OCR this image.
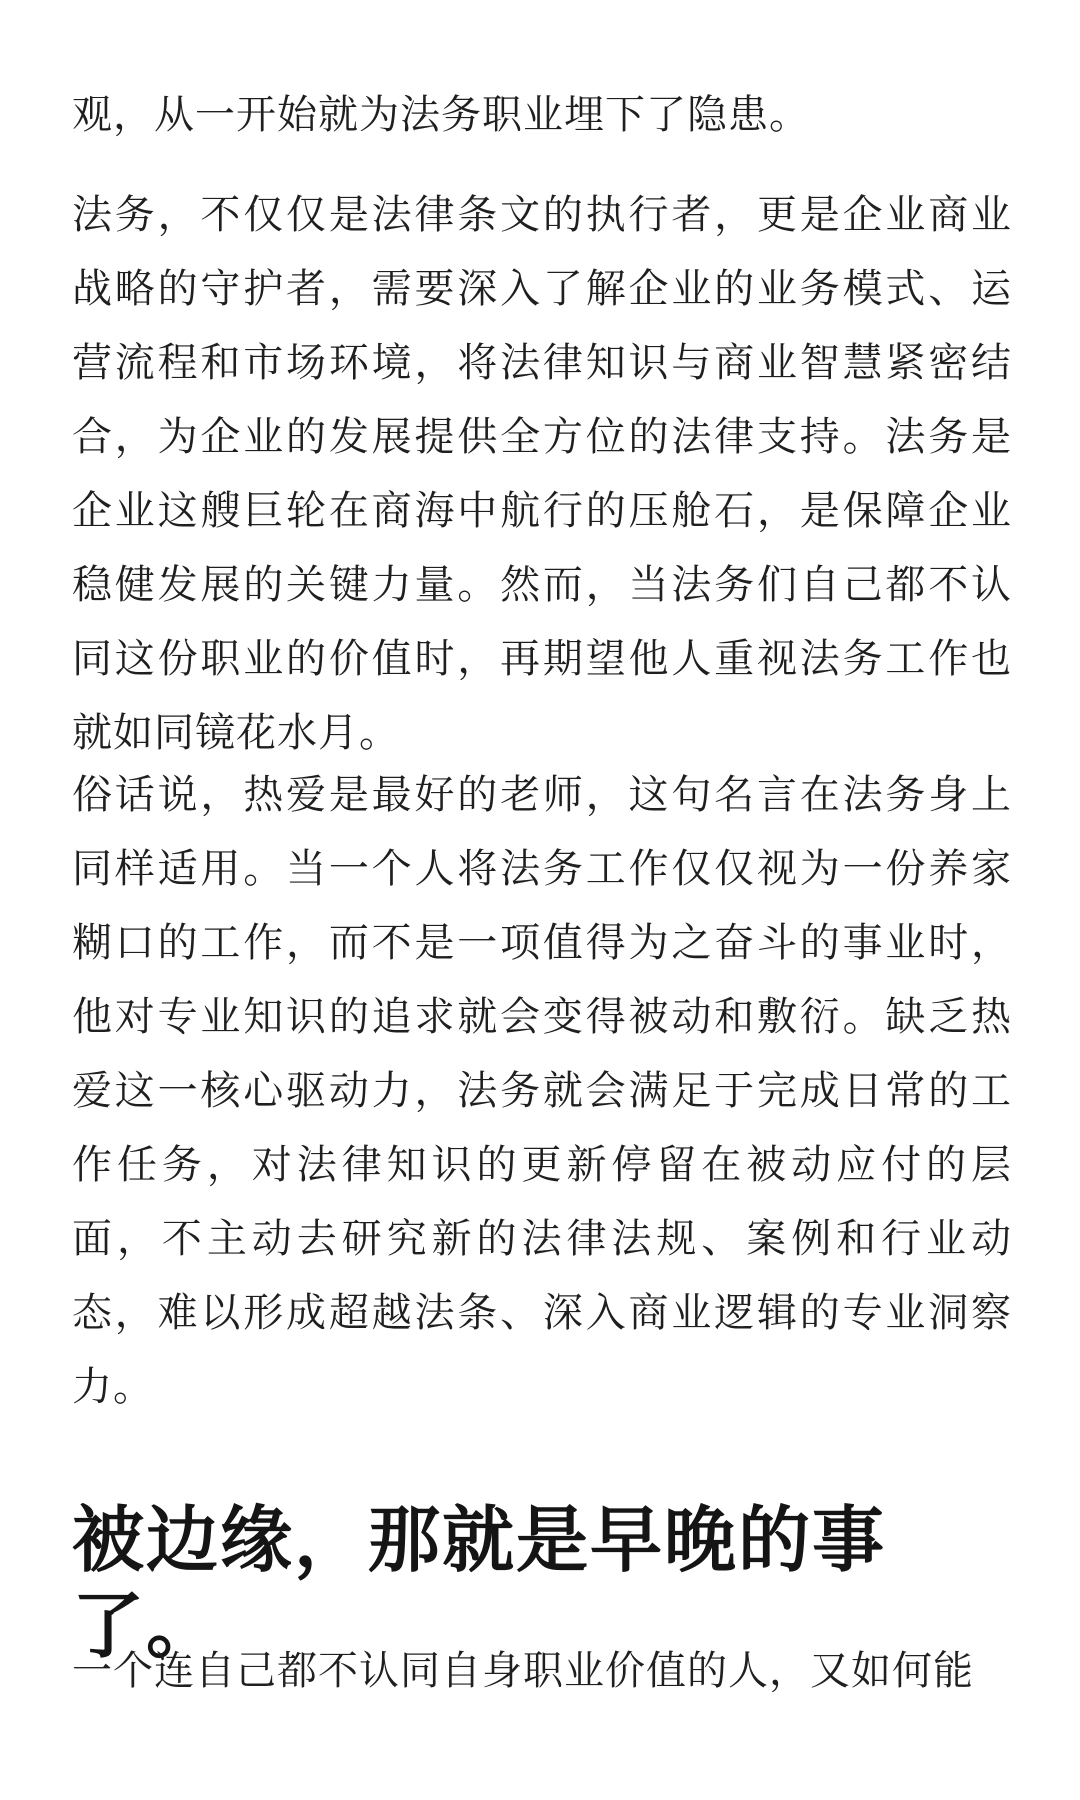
观，从一开始就为法务职业埋下了隐患。

法务，不仅仅是法律条文的执行者，更是企业商业战略的守护者，需要深入了解企业的业务模式、运营流程和市场环境，将法律知识与商业智慧紧密结合，为企业的发展提供全方位的法律支持。法务是企业这艘巨轮在商海中航行的压舱石，是保障企业稳健发展的关键力量。然而，当法务们自己都不认同这份职业的价值时，再期望他人重视法务工作也就如同镜花水月。

俗话说，热爱是最好的老师，这句名言在法务身上同样适用。当一个人将法务工作仅仅视为一份养家糊口的工作，而不是一项值得为之奋斗的事业时，他对专业知识的追求就会变得被动和敷衍。缺乏热爱这一核心驱动力，法务就会满足于完成日常的工作任务，对法律知识的更新停留在被动应付的层面，不主动去研究新的法律法规、案例和行业动态，难以形成超越法条、深入商业逻辑的专业洞察力。

被边缘，那就是早晚的事了。

一个连自己都不认同自身职业价值的人，又如何能
